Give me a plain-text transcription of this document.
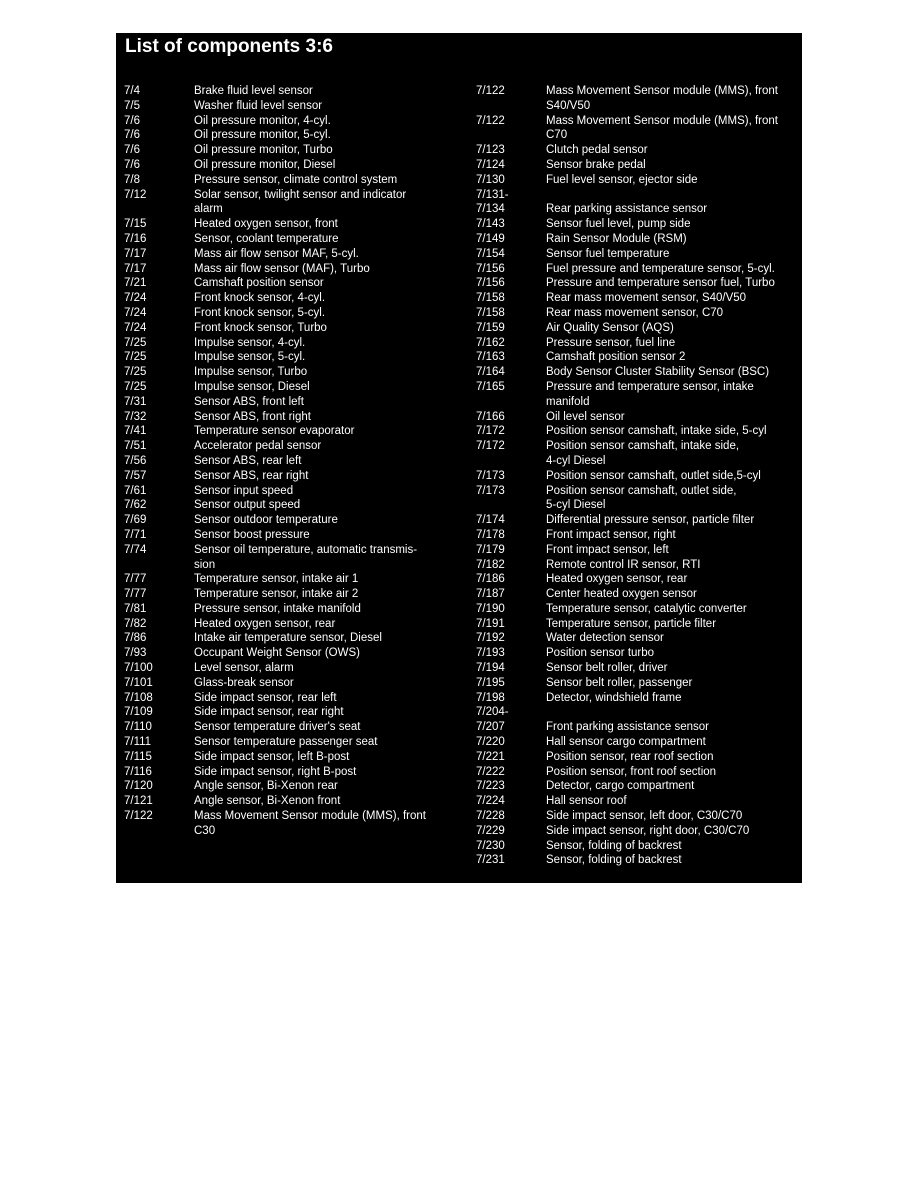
List of components 3:6
7/4	Brake fluid level sensor
7/5	Washer fluid level sensor
7/6	Oil pressure monitor, 4-cyl.
7/6	Oil pressure monitor, 5-cyl.
7/6	Oil pressure monitor, Turbo
7/6	Oil pressure monitor, Diesel
7/8	Pressure sensor, climate control system
7/12	Solar sensor, twilight sensor and indicator
alarm
7/15	Heated oxygen sensor, front
7/16	Sensor, coolant temperature
7/17	Mass air flow sensor MAF, 5-cyl.
7/17	Mass air flow sensor (MAF), Turbo
7/21	Camshaft position sensor
7/24	Front knock sensor, 4-cyl.
7/24	Front knock sensor, 5-cyl.
7/24	Front knock sensor, Turbo
7/25	Impulse sensor, 4-cyl.
7/25	Impulse sensor, 5-cyl.
7/25	Impulse sensor, Turbo
7/25	Impulse sensor, Diesel
7/31	Sensor ABS, front left
7/32	Sensor ABS, front right
7/41	Temperature sensor evaporator
7/51	Accelerator pedal sensor
7/56	Sensor ABS, rear left
7/57	Sensor ABS, rear right
7/61	Sensor input speed
7/62	Sensor output speed
7/69	Sensor outdoor temperature
7/71	Sensor boost pressure
7/74	Sensor oil temperature, automatic transmis-
sion
7/77	Temperature sensor, intake air 1
7/77	Temperature sensor, intake air 2
7/81	Pressure sensor, intake manifold
7/82	Heated oxygen sensor, rear
7/86	Intake air temperature sensor, Diesel
7/93	Occupant Weight Sensor (OWS)
7/100	Level sensor, alarm
7/101	Glass-break sensor
7/108	Side impact sensor, rear left
7/109	Side impact sensor, rear right
7/110	Sensor temperature driver's seat
7/111	Sensor temperature passenger seat
7/115	Side impact sensor, left B-post
7/116	Side impact sensor, right B-post
7/120	Angle sensor, Bi-Xenon rear
7/121	Angle sensor, Bi-Xenon front
7/122	Mass Movement Sensor module (MMS), front
C30
7/122	Mass Movement Sensor module (MMS), front
S40/V50
7/122	Mass Movement Sensor module (MMS), front
C70
7/123	Clutch pedal sensor
7/124	Sensor brake pedal
7/130	Fuel level sensor, ejector side
7/131-
7/134	Rear parking assistance sensor
7/143	Sensor fuel level, pump side
7/149	Rain Sensor Module (RSM)
7/154	Sensor fuel temperature
7/156	Fuel pressure and temperature sensor, 5-cyl.
7/156	Pressure and temperature sensor fuel, Turbo
7/158	Rear mass movement sensor, S40/V50
7/158	Rear mass movement sensor, C70
7/159	Air Quality Sensor (AQS)
7/162	Pressure sensor, fuel line
7/163	Camshaft position sensor 2
7/164	Body Sensor Cluster Stability Sensor (BSC)
7/165	Pressure and temperature sensor, intake
manifold
7/166	Oil level sensor
7/172	Position sensor camshaft, intake side, 5-cyl
7/172	Position sensor camshaft, intake side,
4-cyl Diesel
7/173	Position sensor camshaft, outlet side,5-cyl
7/173	Position sensor camshaft, outlet side,
5-cyl Diesel
7/174	Differential pressure sensor, particle filter
7/178	Front impact sensor, right
7/179	Front impact sensor, left
7/182	Remote control IR sensor, RTI
7/186	Heated oxygen sensor, rear
7/187	Center heated oxygen sensor
7/190	Temperature sensor, catalytic converter
7/191	Temperature sensor, particle filter
7/192	Water detection sensor
7/193	Position sensor turbo
7/194	Sensor belt roller, driver
7/195	Sensor belt roller, passenger
7/198	Detector, windshield frame
7/204-
7/207	Front parking assistance sensor
7/220	Hall sensor cargo compartment
7/221	Position sensor, rear roof section
7/222	Position sensor, front roof section
7/223	Detector, cargo compartment
7/224	Hall sensor roof
7/228	Side impact sensor, left door, C30/C70
7/229	Side impact sensor, right door, C30/C70
7/230	Sensor, folding of backrest
7/231	Sensor, folding of backrest
